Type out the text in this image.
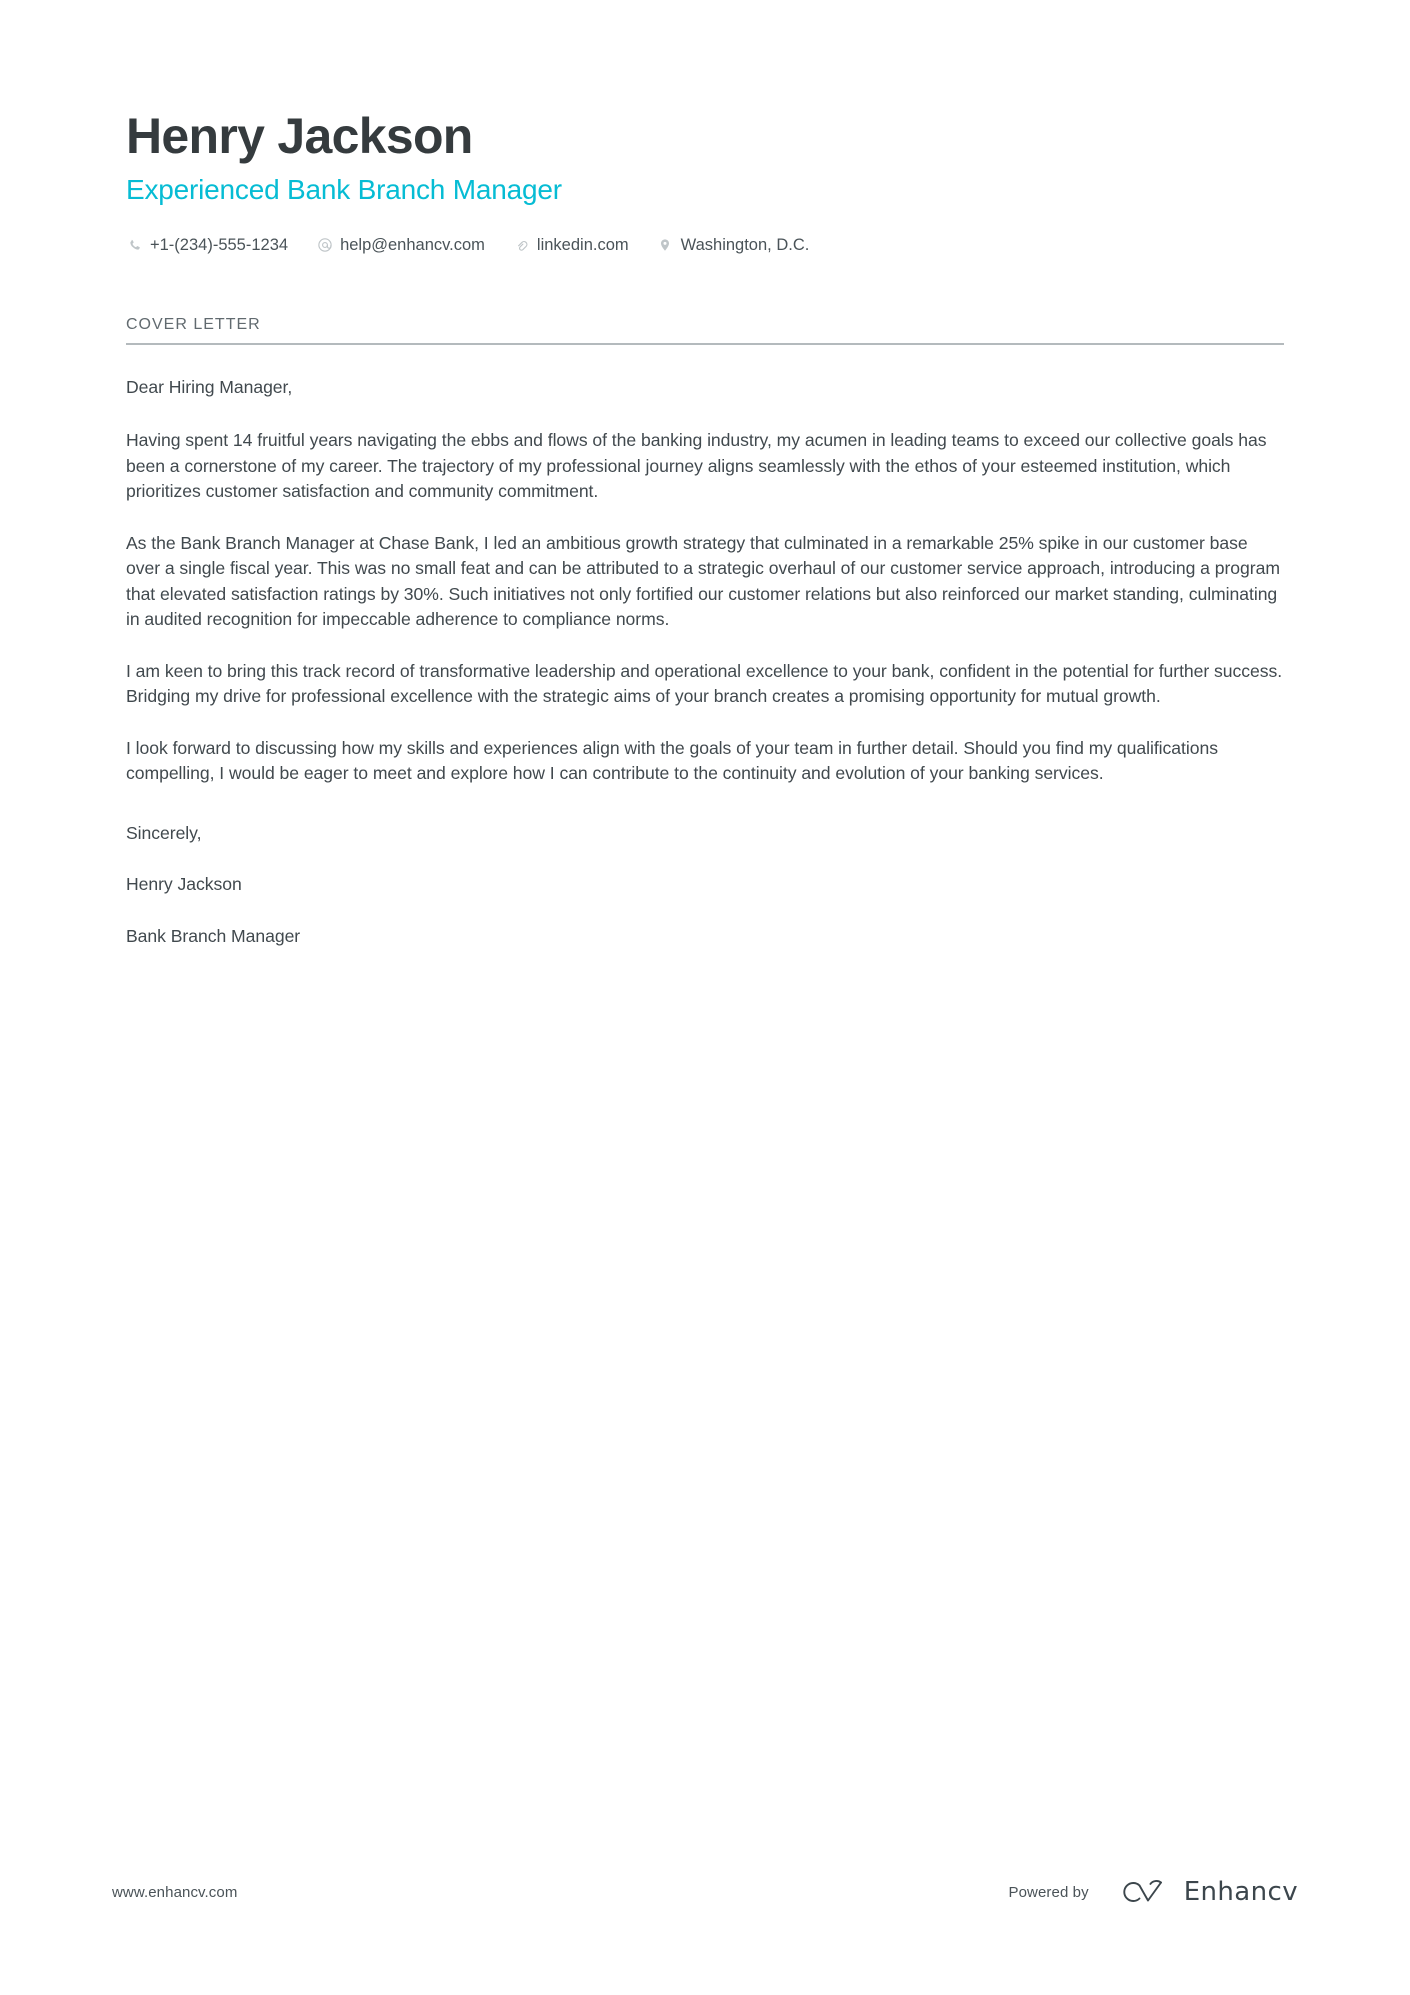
Henry Jackson
Experienced Bank Branch Manager
+1-(234)-555-1234	help@enhancv.com	linkedin.com	Washington, D.C.
COVER LETTER

Dear Hiring Manager,

Having spent 14 fruitful years navigating the ebbs and flows of the banking industry, my acumen in leading teams to exceed our collective goals has been a cornerstone of my career. The trajectory of my professional journey aligns seamlessly with the ethos of your esteemed institution, which prioritizes customer satisfaction and community commitment.

As the Bank Branch Manager at Chase Bank, I led an ambitious growth strategy that culminated in a remarkable 25% spike in our customer base over a single fiscal year. This was no small feat and can be attributed to a strategic overhaul of our customer service approach, introducing a program that elevated satisfaction ratings by 30%. Such initiatives not only fortified our customer relations but also reinforced our market standing, culminating in audited recognition for impeccable adherence to compliance norms.

I am keen to bring this track record of transformative leadership and operational excellence to your bank, confident in the potential for further success. Bridging my drive for professional excellence with the strategic aims of your branch creates a promising opportunity for mutual growth.

I look forward to discussing how my skills and experiences align with the goals of your team in further detail. Should you find my qualifications compelling, I would be eager to meet and explore how I can contribute to the continuity and evolution of your banking services.

Sincerely,

Henry Jackson

Bank Branch Manager

www.enhancv.com	Powered by	Enhancv
